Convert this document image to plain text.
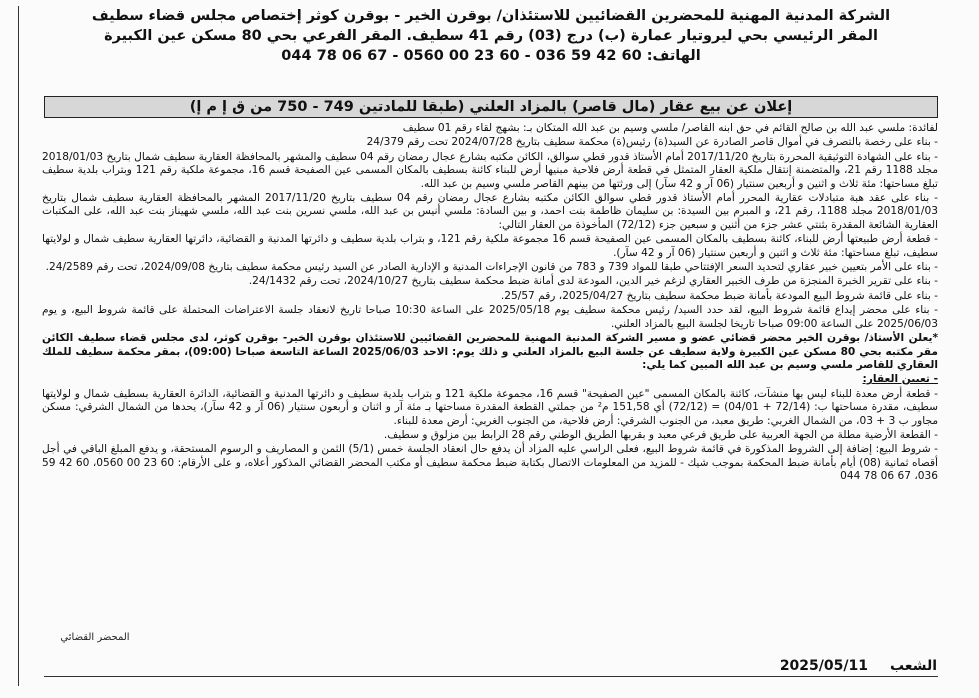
الشركة المدنية المهنية للمحضرين القضائيين للاستئذان/ بوقرن الخير - بوقرن كوثر إختصاص مجلس قضاء سطيف
المقر الرئيسي بحي ليروتيار عمارة (ب) درج (03) رقم 41 سطيف. المقر الفرعي بحي 80 مسكن عين الكبيرة
الهاتف: 60 42 59 036 - 60 23 00 0560 - 67 06 78 044
إعلان عن بيع عقار (مال قاصر) بالمزاد العلني (طبقا للمادتين 749 - 750 من ق إ م إ)

لفائدة: ملسي عبد الله بن صالح القائم في حق ابنه القاصر/ ملسي وسيم بن عبد الله المتكان بـ: بشهج لقاء رقم 01 سطيف

- بناء على رخصة بالتصرف في أموال قاصر الصادرة عن السيد(ة) رئيس(ة) محكمة سطيف بتاريخ 2024/07/28 تحت رقم 24/379

- بناء على الشهادة التوثيقية المحررة بتاريخ 2017/11/20 أمام الأستاذ قدور قطي سوالق، الكائن مكتبه بشارع عجال رمضان رقم 04 سطيف والمشهر بالمحافظة العقارية سطيف شمال بتاريخ 2018/01/03 مجلد 1188 رقم 21، والمتضمنة إنتقال ملكية العقار المتمثل في قطعة أرض فلاحية مبنيها أرض للبناء كائنة بسطيف بالمكان المسمى عين الصفيحة قسم 16، مجموعة ملكية رقم 121 وبتراب بلدية سطيف تبلغ مساحتها: مئة ثلاث و اثنين و أربعين سنتيار (06 آر و 42 سآر) إلى ورثتها من بينهم القاصر ملسي وسيم بن عبد الله.

- بناء على عقد هبة متبادلات عقارية المحرر أمام الأستاذ قدور قطي سوالق الكائن مكتبه بشارع عجال رمضان رقم 04 سطيف بتاريخ 2017/11/20 المشهر بالمحافظة العقارية سطيف شمال بتاريخ 2018/01/03 مجلد 1188، رقم 21، و المبرم بين السيدة: بن سليمان ظاطمة بنت احمد، و بين السادة: ملسي أنيس بن عبد الله، ملسي نسرين بنت عبد الله، ملسي شهيناز بنت عبد الله، على المكتبات العقارية الشائعة المقدرة بثنتي عشر جزء من أثنين و سبعين جزء (72/12) المأخوذة من العقار التالي:

- قطعة أرض طبيعتها أرض للبناء، كائنة بسطيف بالمكان المسمى عين الصفيحة قسم 16 مجموعة ملكية رقم 121، و بتراب بلدية سطيف و دائرتها المدنية و القضائية، دائرتها العقارية سطيف شمال و لولايتها سطيف، تبلغ مساحتها: مئة ثلاث و اثنين و أربعين سنتيار (06 آر و 42 سآر).

- بناء على الأمر بتعيين خبير عقاري لتحديد السعر الإفتتاحي طبقا للمواد 739 و 783 من قانون الإجراءات المدنية و الإدارية الصادر عن السيد رئيس محكمة سطيف بتاريخ 2024/09/08، تحت رقم 24/2589.

- بناء على تقرير الخبرة المنجزة من طرف الخبير العقاري لزغم خير الدين، المودعة لدى أمانة ضبط محكمة سطيف بتاريخ 2024/10/27، تحت رقم 24/1432.

- بناء على قائمة شروط البيع المودعة بأمانة ضبط محكمة سطيف بتاريخ 2025/04/27، رقم 25/57.

- بناء على محضر إيداع قائمة شروط البيع، لقد حدد السيد/ رئيس محكمة سطيف يوم 2025/05/18 على الساعة 10:30 صباحا تاريخ لانعقاد جلسة الاعتراضات المحتملة على قائمة شروط البيع، و يوم 2025/06/03 على الساعة 09:00 صباحا تاريخا لجلسة البيع بالمزاد العلني.

*يعلن الأستاذ/ بوقرن الخير محضر قضائي عضو و مسير الشركة المدنية المهنية للمحضرين القضائيين للاستئذان بوقرن الخير- بوقرن كوثر، لدى مجلس قضاء سطيف الكائن مقر مكتبه بحي 80 مسكن عين الكبيرة ولاية سطيف عن جلسة البيع بالمزاد العلني و ذلك يوم: الاحد 2025/06/03 الساعة التاسعة صباحا (09:00)، بمقر محكمة سطيف للملك العقاري للقاصر ملسي وسيم بن عبد الله المبين كما يلي:

- تعيين العقار:

- قطعة أرض معدة للبناء ليس بها منشآت، كائنة بالمكان المسمى "عين الصفيحة" قسم 16، مجموعة ملكية 121 و بتراب بلدية سطيف و دائرتها المدنية و القضائية، الدائرة العقارية بسطيف شمال و لولايتها سطيف، مقدرة مساحتها ب: (72/14 + 04/01) = (72/12) أي 151,58 م² من جملتي القطعة المقدرة مساحتها بـ مئة آر و اثنان و أربعون سنتيار (06 آر و 42 سآر)، يحدها من الشمال الشرقي: مسكن مجاور ب 3 + 03، من الشمال الغربي: طريق معبد، من الجنوب الشرقي: أرض فلاحية، من الجنوب الغربي: أرض معدة للبناء.

- القطعة الأرضية مطلة من الجهة العربية على طريق فرعي معبد و بقربها الطريق الوطني رقم 28 الرابط بين مزلوق و سطيف.

- شروط البيع: إضافة إلى الشروط المذكورة في قائمة شروط البيع، فعلى الراسي عليه المزاد أن يدفع حال انعقاد الجلسة خمس (5/1) الثمن و المصاريف و الرسوم المستحقة، و يدفع المبلغ الباقي في أجل أقصاه ثمانية (08) أيام بأمانة ضبط المحكمة بموجب شيك - للمزيد من المعلومات الاتصال بكتابة ضبط محكمة سطيف أو مكتب المحضر القضائي المذكور أعلاه، و على الأرقام: 60 23 00 0560، 60 42 59 036، 67 06 78 044

المحضر القضائي
الشعب
2025/05/11
